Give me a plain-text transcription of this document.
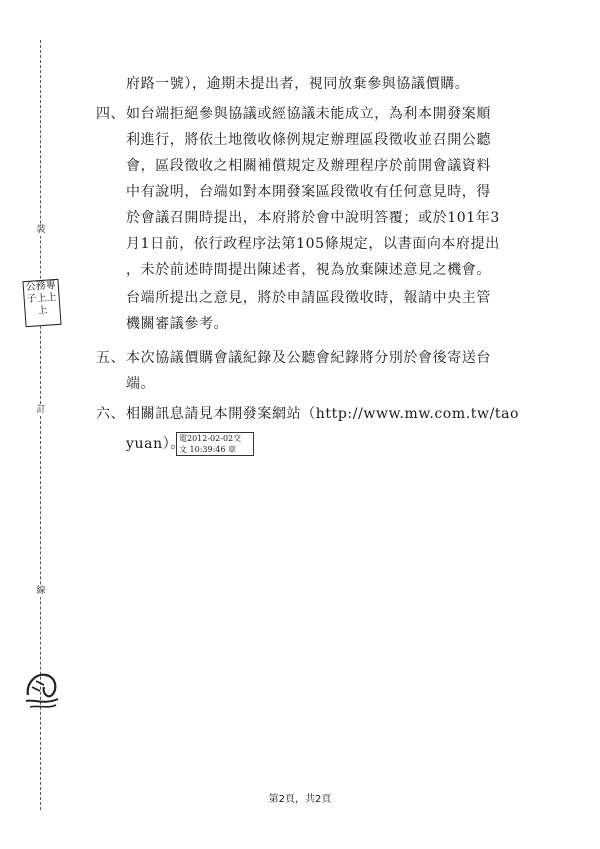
裝
訂
線
公務專子上上上
府路一號），逾期未提出者，視同放棄參與協議價購。
四、 如台端拒絕參與協議或經協議未能成立，為利本開發案順
利進行，將依土地徵收條例規定辦理區段徵收並召開公聽
會，區段徵收之相關補償規定及辦理程序於前開會議資料
中有說明，台端如對本開發案區段徵收有任何意見時，得
於會議召開時提出，本府將於會中說明答覆；或於101年3
月1日前，依行政程序法第105條規定，以書面向本府提出
，未於前述時間提出陳述者，視為放棄陳述意見之機會。
台端所提出之意見，將於申請區段徵收時，報請中央主管
機關審議參考。
五、 本次協議價購會議紀錄及公聽會紀錄將分別於會後寄送台
端。
六、 相關訊息請見本開發案網站（http://www.mw.com.tw/tao
yuan）。
電2012-02-02交
文 10:39:46 章
第2頁，共2頁
